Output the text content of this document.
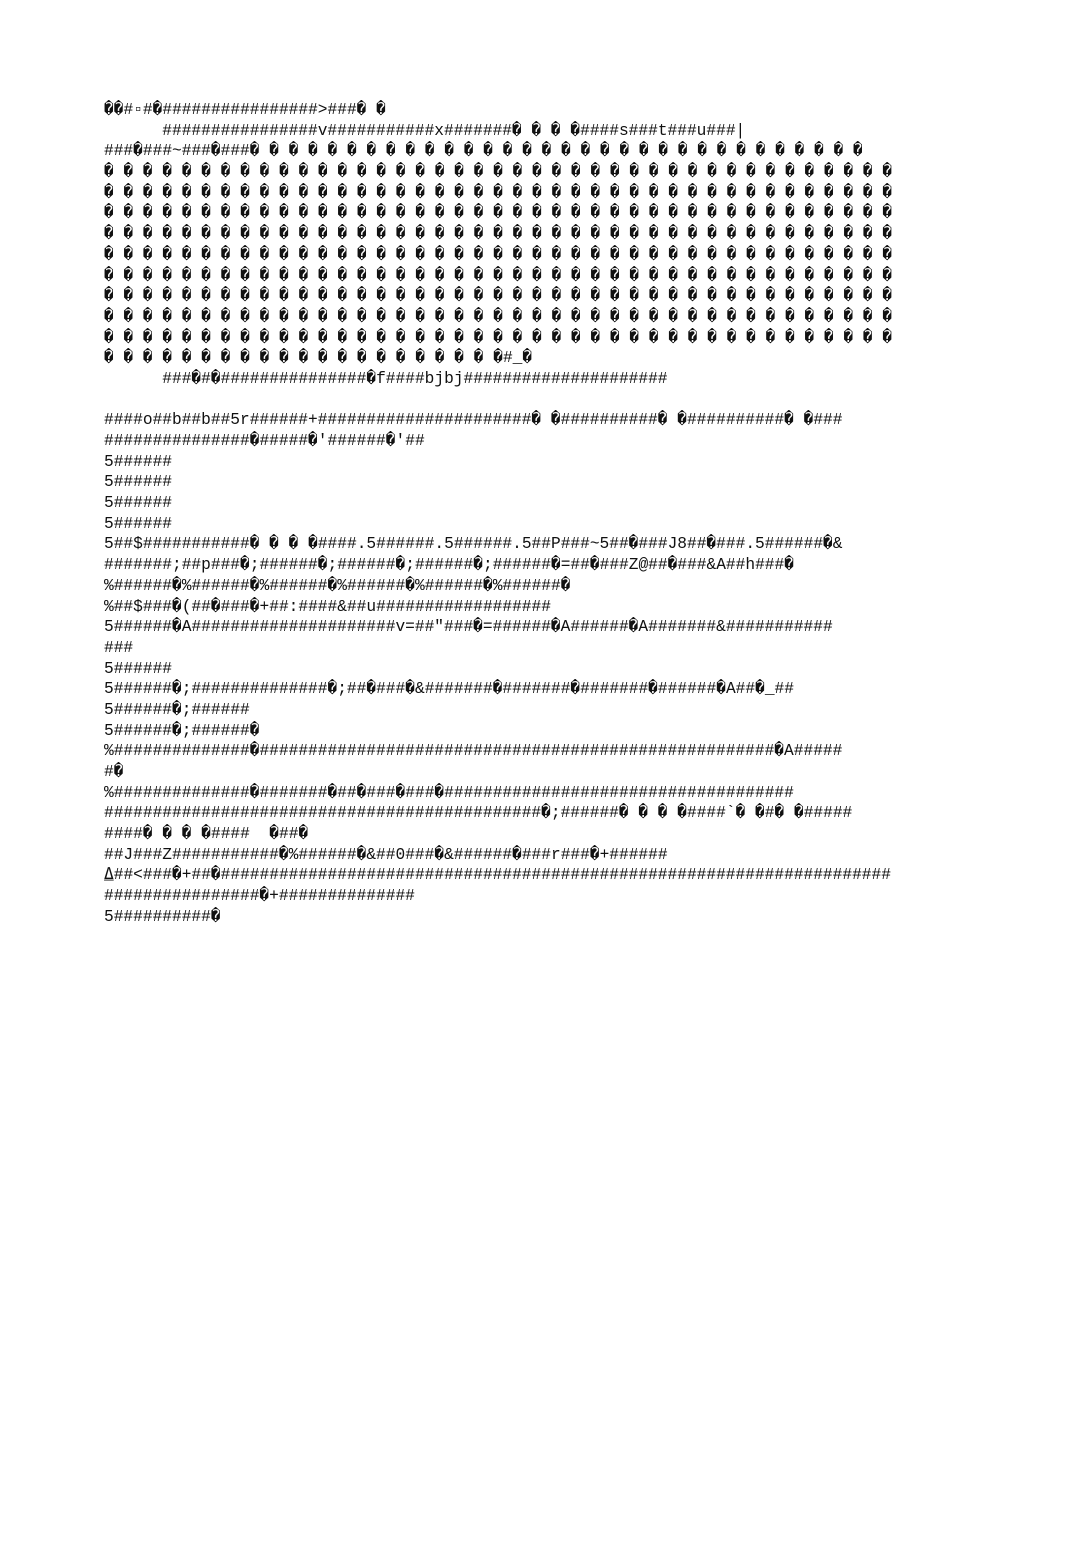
��#▫#�################>###� �
################v###########x#######� � � �####s###t###u###|
###�###~###�###� � � � � � � � � � � � � � � � � � � � � � � � � � � � � � � �
� � � � � � � � � � � � � � � � � � � � � � � � � � � � � � � � � � � � � � � � �
� � � � � � � � � � � � � � � � � � � � � � � � � � � � � � � � � � � � � � � � �
� � � � � � � � � � � � � � � � � � � � � � � � � � � � � � � � � � � � � � � � �
� � � � � � � � � � � � � � � � � � � � � � � � � � � � � � � � � � � � � � � � �
� � � � � � � � � � � � � � � � � � � � � � � � � � � � � � � � � � � � � � � � �
� � � � � � � � � � � � � � � � � � � � � � � � � � � � � � � � � � � � � � � � �
� � � � � � � � � � � � � � � � � � � � � � � � � � � � � � � � � � � � � � � � �
� � � � � � � � � � � � � � � � � � � � � � � � � � � � � � � � � � � � � � � � �
� � � � � � � � � � � � � � � � � � � � � � � � � � � � � � � � � � � � � � � � �
� � � � � � � � � � � � � � � � � � � � �#_�
###�#�###############�f####bjbj#####################
####o##b##b##5r######+######################� �##########� �##########� �###
###############�#####�'######�'##
5######
5######
5######
5######
5##$###########� � � �####.5######.5######.5##P###~5##�###J8##�###.5######�&
#######;##p###�;######�;######�;######�;######�=##�###Z@##�###&A##h###�
%######�%######�%######�%######�%######�%######�
%##$###�(##�###�+##:####&##u##################
5######�A#####################v=##"###�=######�A######�A#######&###########
###
5######
5######�;##############�;##�###�&#######�#######�#######�######�A##�_##
5######�;######
5######�;######�
%##############�#####################################################�A#####
#�
%##############�#######�##�###�###�####################################
#############################################�;######� � � �####`� �#� �#####
####� � � �####  �##�
##J###Z###########�%######�&##0###�&######�###r###�+######
⍙##<###�+##�#####################################################################
################�+##############
5##########�
